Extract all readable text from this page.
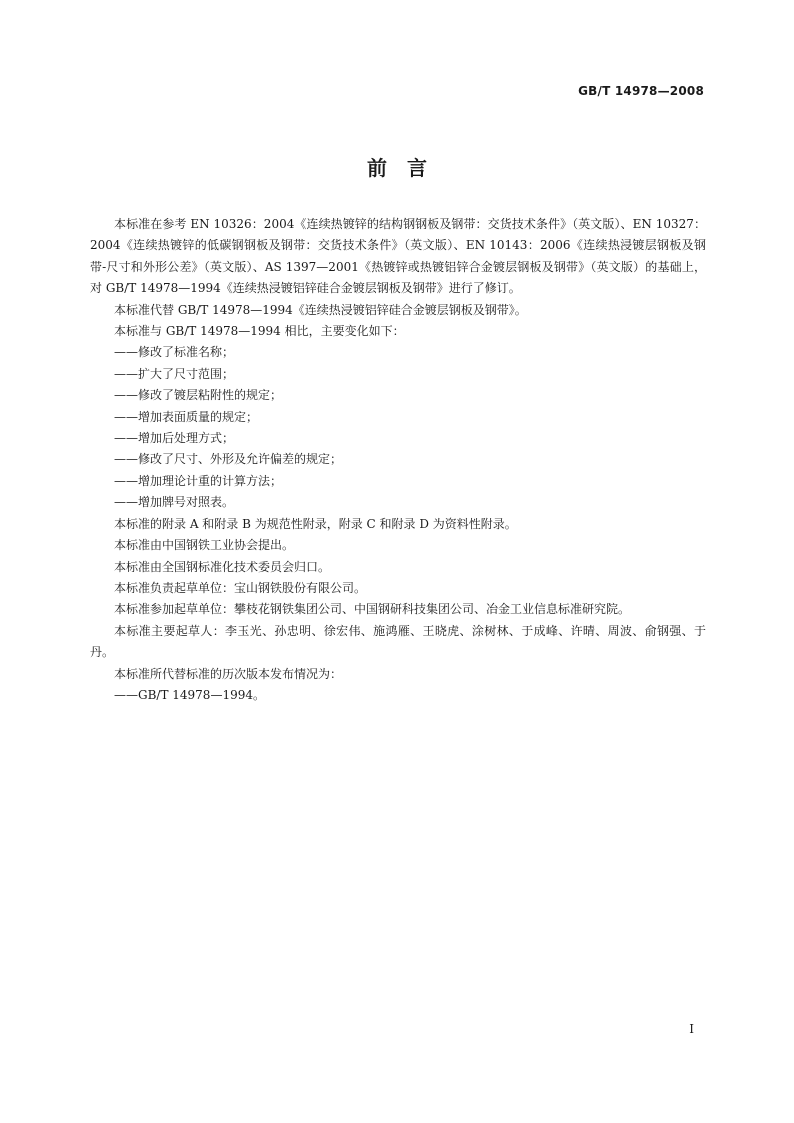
GB/T 14978—2008
前言

本标准在参考 EN 10326：2004《连续热镀锌的结构钢钢板及钢带：交货技术条件》（英文版）、EN 10327：2004《连续热镀锌的低碳钢钢板及钢带：交货技术条件》（英文版）、EN 10143：2006《连续热浸镀层钢板及钢带-尺寸和外形公差》（英文版）、AS 1397—2001《热镀锌或热镀铝锌合金镀层钢板及钢带》（英文版）的基础上，对 GB/T 14978—1994《连续热浸镀铝锌硅合金镀层钢板及钢带》进行了修订。

本标准代替 GB/T 14978—1994《连续热浸镀铝锌硅合金镀层钢板及钢带》。

本标准与 GB/T 14978—1994 相比，主要变化如下：

——修改了标准名称；

——扩大了尺寸范围；

——修改了镀层粘附性的规定；

——增加表面质量的规定；

——增加后处理方式；

——修改了尺寸、外形及允许偏差的规定；

——增加理论计重的计算方法；

——增加牌号对照表。

本标准的附录 A 和附录 B 为规范性附录，附录 C 和附录 D 为资料性附录。

本标准由中国钢铁工业协会提出。

本标准由全国钢标准化技术委员会归口。

本标准负责起草单位：宝山钢铁股份有限公司。

本标准参加起草单位：攀枝花钢铁集团公司、中国钢研科技集团公司、冶金工业信息标准研究院。

本标准主要起草人：李玉光、孙忠明、徐宏伟、施鸿雁、王晓虎、涂树林、于成峰、许晴、周波、俞钢强、于丹。

本标准所代替标准的历次版本发布情况为：

——GB/T 14978—1994。

I
